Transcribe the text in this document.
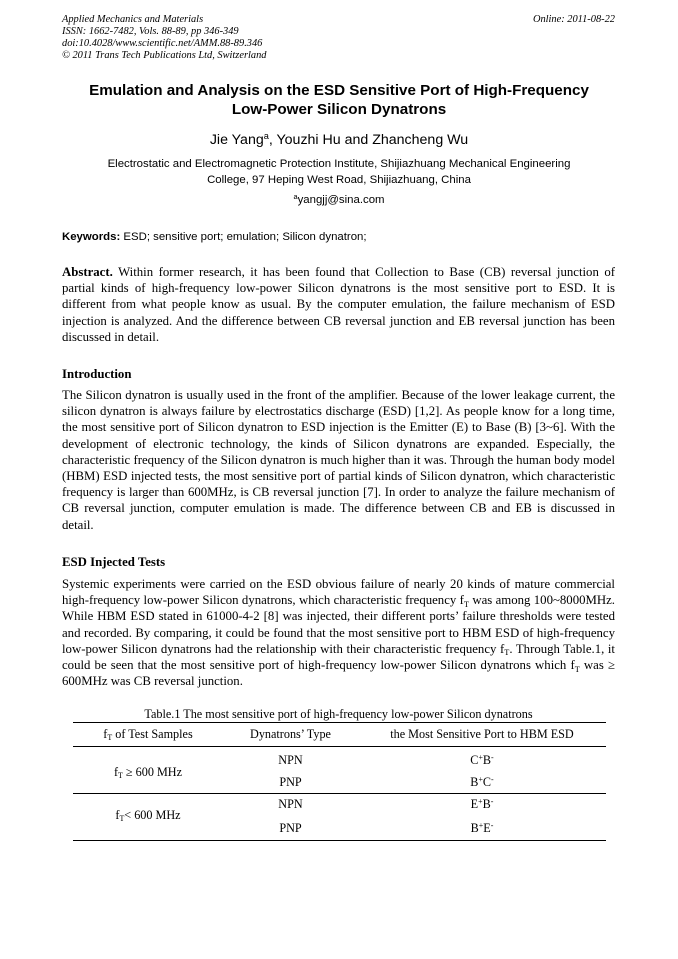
Applied Mechanics and Materials
ISSN: 1662-7482, Vols. 88-89, pp 346-349
doi:10.4028/www.scientific.net/AMM.88-89.346
© 2011 Trans Tech Publications Ltd, Switzerland
Online: 2011-08-22
Emulation and Analysis on the ESD Sensitive Port of High-Frequency
Low-Power Silicon Dynatrons
Jie Yang$^a$, Youzhi Hu and Zhancheng Wu
Electrostatic and Electromagnetic Protection Institute, Shijiazhuang Mechanical Engineering
College, 97 Heping West Road, Shijiazhuang, China
$^a$yangjj@sina.com
Keywords: ESD; sensitive port; emulation; Silicon dynatron;
Abstract. Within former research, it has been found that Collection to Base (CB) reversal junction of partial kinds of high-frequency low-power Silicon dynatrons is the most sensitive port to ESD. It is different from what people know as usual. By the computer emulation, the failure mechanism of ESD injection is analyzed. And the difference between CB reversal junction and EB reversal junction has been discussed in detail.
Introduction
The Silicon dynatron is usually used in the front of the amplifier. Because of the lower leakage current, the silicon dynatron is always failure by electrostatics discharge (ESD) [1,2]. As people know for a long time, the most sensitive port of Silicon dynatron to ESD injection is the Emitter (E) to Base (B) [3~6]. With the development of electronic technology, the kinds of Silicon dynatrons are expanded. Especially, the characteristic frequency of the Silicon dynatron is much higher than it was. Through the human body model (HBM) ESD injected tests, the most sensitive port of partial kinds of Silicon dynatron, which characteristic frequency is larger than 600MHz, is CB reversal junction [7]. In order to analyze the failure mechanism of CB reversal junction, computer emulation is made. The difference between CB and EB is discussed in detail.
ESD Injected Tests
Systemic experiments were carried on the ESD obvious failure of nearly 20 kinds of mature commercial high-frequency low-power Silicon dynatrons, which characteristic frequency $f_T$ was among 100~8000MHz. While HBM ESD stated in 61000-4-2 [8] was injected, their different ports’ failure thresholds were tested and recorded. By comparing, it could be found that the most sensitive port to HBM ESD of high-frequency low-power Silicon dynatrons had the relationship with their characteristic frequency $f_T$. Through Table.1, it could be seen that the most sensitive port of high-frequency low-power Silicon dynatrons which $f_T$ was ≥ 600MHz was CB reversal junction.
Table.1 The most sensitive port of high-frequency low-power Silicon dynatrons
$f_T$ of Test Samples	Dynatrons’ Type	the Most Sensitive Port to HBM ESD
$f_T \ge 600$ MHz
NPN	C+B-
PNP	B+C-
$f_T< 600$ MHz
NPN	E+B-
PNP	B+E-
